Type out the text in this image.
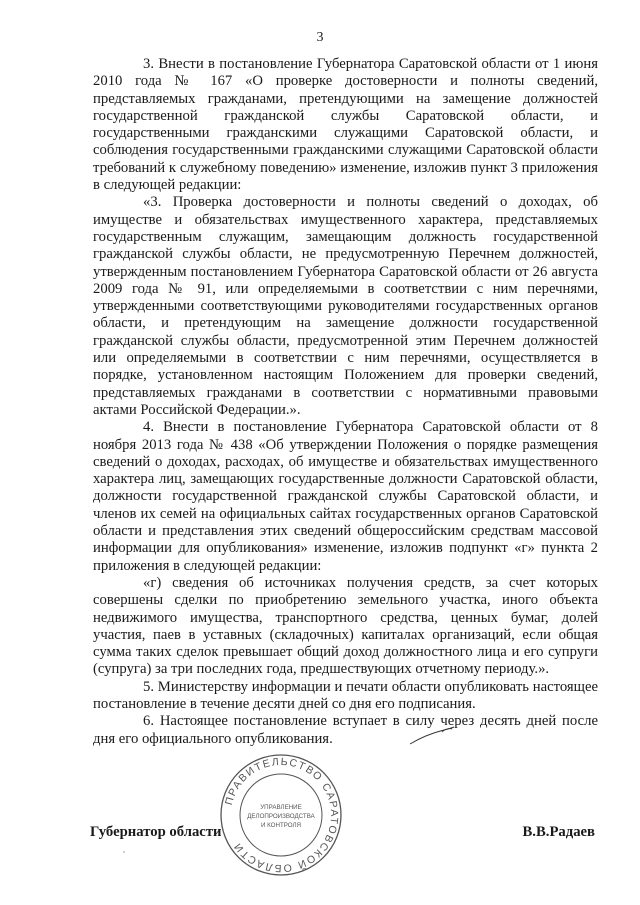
3

3. Внести в постановление Губернатора Саратовской области от 1 июня 2010 года № 167 «О проверке достоверности и полноты сведений, представляемых гражданами, претендующими на замещение должностей государственной гражданской службы Саратовской области, и государственными гражданскими служащими Саратовской области, и соблюдения государственными гражданскими служащими Саратовской области требований к служебному поведению» изменение, изложив пункт 3 приложения в следующей редакции:

«3. Проверка достоверности и полноты сведений о доходах, об имуществе и обязательствах имущественного характера, представляемых государственным служащим, замещающим должность государственной гражданской службы области, не предусмотренную Перечнем должностей, утвержденным постановлением Губернатора Саратовской области от 26 августа 2009 года № 91, или определяемыми в соответствии с ним перечнями, утвержденными соответствующими руководителями государственных органов области, и претендующим на замещение должности государственной гражданской службы области, предусмотренной этим Перечнем должностей или определяемыми в соответствии с ним перечнями, осуществляется в порядке, установленном настоящим Положением для проверки сведений, представляемых гражданами в соответствии с нормативными правовыми актами Российской Федерации.».

4. Внести в постановление Губернатора Саратовской области от 8 ноября 2013 года № 438 «Об утверждении Положения о порядке размещения сведений о доходах, расходах, об имуществе и обязательствах имущественного характера лиц, замещающих государственные должности Саратовской области, должности государственной гражданской службы Саратовской области, и членов их семей на официальных сайтах государственных органов Саратовской области и представления этих сведений общероссийским средствам массовой информации для опубликования» изменение, изложив подпункт «г» пункта 2 приложения в следующей редакции:

«г) сведения об источниках получения средств, за счет которых совершены сделки по приобретению земельного участка, иного объекта недвижимого имущества, транспортного средства, ценных бумаг, долей участия, паев в уставных (складочных) капиталах организаций, если общая сумма таких сделок превышает общий доход должностного лица и его супруги (супруга) за три последних года, предшествующих отчетному периоду.».

5. Министерству информации и печати области опубликовать настоящее постановление в течение десяти дней со дня его подписания.

6. Настоящее постановление вступает в силу через десять дней после дня его официального опубликования.

Губернатор области	В.В.Радаев
ПРАВИТЕЛЬСТВО САРАТОВСКОЙ ОБЛАСТИ
УПРАВЛЕНИЕ
ДЕЛОПРОИЗВОДСТВА
И КОНТРОЛЯ
